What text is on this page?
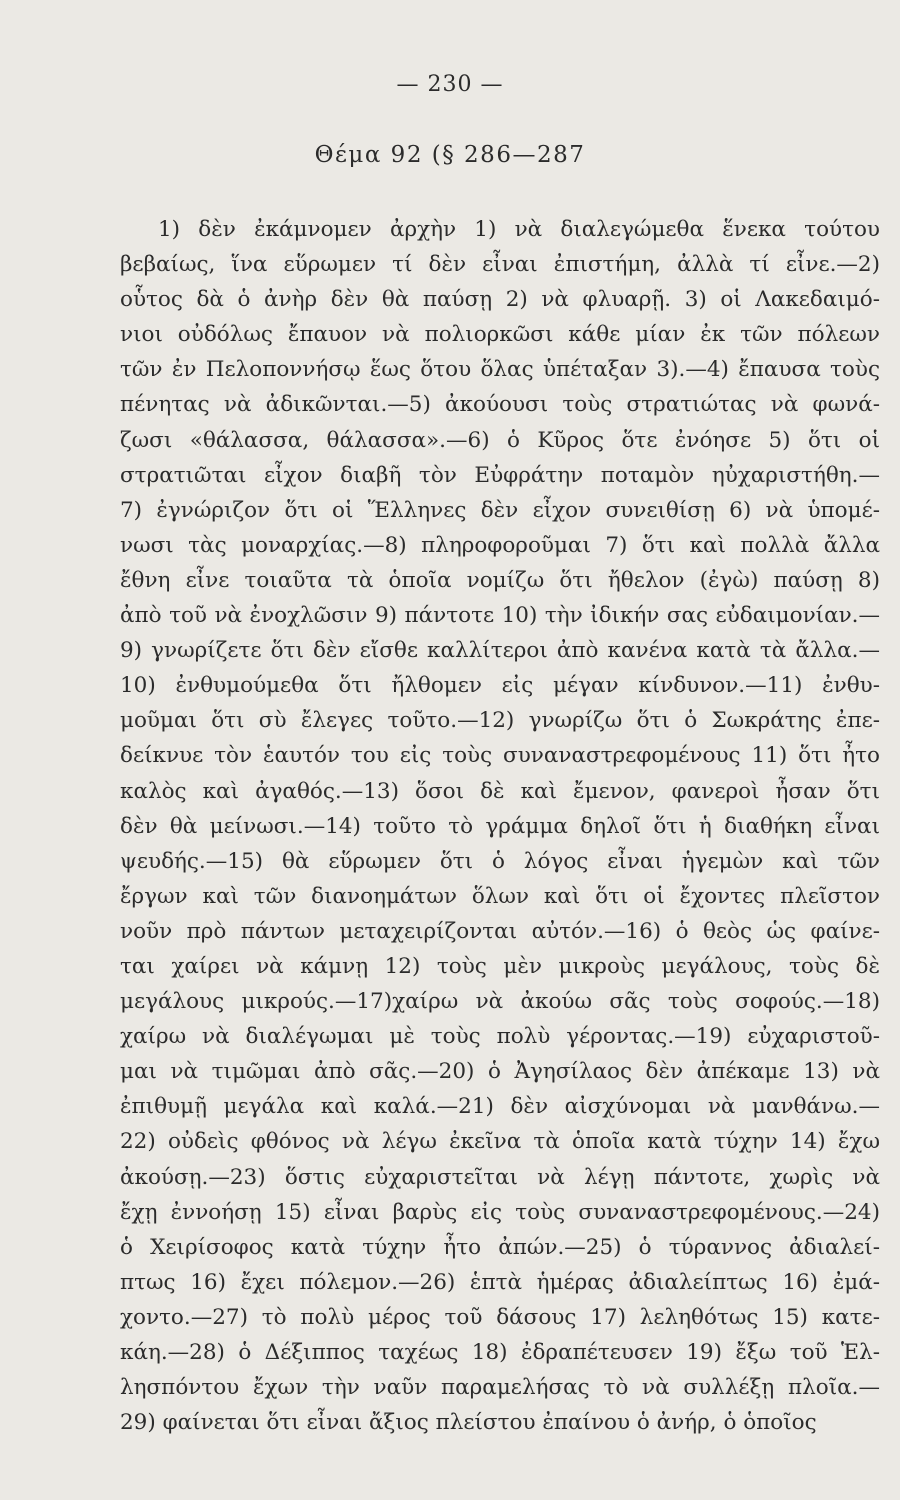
— 230 —
Θέμα 92 (§ 286—287
1) δὲν ἐκάμνομεν ἀρχὴν 1) νὰ διαλεγώμεθα ἕνεκα τούτου
βεβαίως, ἵνα εὕρωμεν τί δὲν εἶναι ἐπιστήμη, ἀλλὰ τί εἶνε.—2)
οὗτος δὰ ὁ ἀνὴρ δὲν θὰ παύσῃ 2) νὰ φλυαρῇ. 3) οἱ Λακεδαιμό-
νιοι οὐδόλως ἔπαυον νὰ πολιορκῶσι κάθε μίαν ἐκ τῶν πόλεων
τῶν ἐν Πελοποννήσῳ ἕως ὅτου ὅλας ὑπέταξαν 3).—4) ἔπαυσα τοὺς
πένητας νὰ ἀδικῶνται.—5) ἀκούουσι τοὺς στρατιώτας νὰ φωνά-
ζωσι «θάλασσα, θάλασσα».—6) ὁ Κῦρος ὅτε ἐνόησε 5) ὅτι οἱ
στρατιῶται εἶχον διαβῆ τὸν Εὐφράτην ποταμὸν ηὐχαριστήθη.—
7) ἐγνώριζον ὅτι οἱ Ἕλληνες δὲν εἶχον συνειθίσῃ 6) νὰ ὑπομέ-
νωσι τὰς μοναρχίας.—8) πληροφοροῦμαι 7) ὅτι καὶ πολλὰ ἄλλα
ἔθνη εἶνε τοιαῦτα τὰ ὁποῖα νομίζω ὅτι ἤθελον (ἐγὼ) παύσῃ 8)
ἀπὸ τοῦ νὰ ἐνοχλῶσιν 9) πάντοτε 10) τὴν ἰδικήν σας εὐδαιμονίαν.—
9) γνωρίζετε ὅτι δὲν εἴσθε καλλίτεροι ἀπὸ κανένα κατὰ τὰ ἄλλα.—
10) ἐνθυμούμεθα ὅτι ἤλθομεν εἰς μέγαν κίνδυνον.—11) ἐνθυ-
μοῦμαι ὅτι σὺ ἔλεγες τοῦτο.—12) γνωρίζω ὅτι ὁ Σωκράτης ἐπε-
δείκνυε τὸν ἑαυτόν του εἰς τοὺς συναναστρεφομένους 11) ὅτι ἦτο
καλὸς καὶ ἀγαθός.—13) ὅσοι δὲ καὶ ἔμενον, φανεροὶ ἦσαν ὅτι
δὲν θὰ μείνωσι.—14) τοῦτο τὸ γράμμα δηλοῖ ὅτι ἡ διαθήκη εἶναι
ψευδής.—15) θὰ εὕρωμεν ὅτι ὁ λόγος εἶναι ἡγεμὼν καὶ τῶν
ἔργων καὶ τῶν διανοημάτων ὅλων καὶ ὅτι οἱ ἔχοντες πλεῖστον
νοῦν πρὸ πάντων μεταχειρίζονται αὐτόν.—16) ὁ θεὸς ὡς φαίνε-
ται χαίρει νὰ κάμνῃ 12) τοὺς μὲν μικροὺς μεγάλους, τοὺς δὲ
μεγάλους μικρούς.—17)χαίρω νὰ ἀκούω σᾶς τοὺς σοφούς.—18)
χαίρω νὰ διαλέγωμαι μὲ τοὺς πολὺ γέροντας.—19) εὐχαριστοῦ-
μαι νὰ τιμῶμαι ἀπὸ σᾶς.—20) ὁ Ἀγησίλαος δὲν ἀπέκαμε 13) νὰ
ἐπιθυμῇ μεγάλα καὶ καλά.—21) δὲν αἰσχύνομαι νὰ μανθάνω.—
22) οὐδεὶς φθόνος νὰ λέγω ἐκεῖνα τὰ ὁποῖα κατὰ τύχην 14) ἔχω
ἀκούσῃ.—23) ὅστις εὐχαριστεῖται νὰ λέγῃ πάντοτε, χωρὶς νὰ
ἔχῃ ἐννοήσῃ 15) εἶναι βαρὺς εἰς τοὺς συναναστρεφομένους.—24)
ὁ Χειρίσοφος κατὰ τύχην ἦτο ἀπών.—25) ὁ τύραννος ἀδιαλεί-
πτως 16) ἔχει πόλεμον.—26) ἑπτὰ ἡμέρας ἀδιαλείπτως 16) ἐμά-
χοντο.—27) τὸ πολὺ μέρος τοῦ δάσους 17) λεληθότως 15) κατε-
κάη.—28) ὁ Δέξιππος ταχέως 18) ἐδραπέτευσεν 19) ἔξω τοῦ Ἑλ-
λησπόντου ἔχων τὴν ναῦν παραμελήσας τὸ νὰ συλλέξῃ πλοῖα.—
29) φαίνεται ὅτι εἶναι ἄξιος πλείστου ἐπαίνου ὁ ἀνήρ, ὁ ὁποῖος
